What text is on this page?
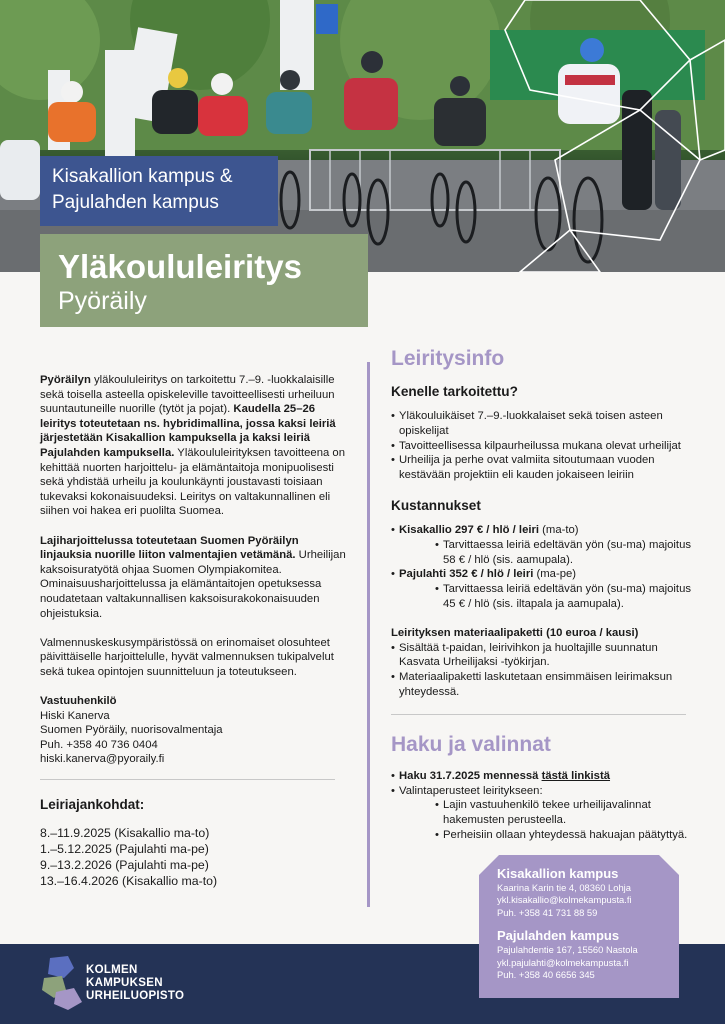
Kisakallion kampus &
Pajulahden kampus
Yläkoululeiritys
Pyöräily

Pyöräilyn yläkoululeiritys on tarkoitettu 7.–9. -luokkalaisille sekä toisella asteella opiskeleville tavoitteellisesti urheiluun suuntautuneille nuorille (tytöt ja pojat). Kaudella 25–26 leiritys toteutetaan ns. hybridimallina, jossa kaksi leiriä järjestetään Kisakallion kampuksella ja kaksi leiriä Pajulahden kampuksella. Yläkoululeirityksen tavoitteena on kehittää nuorten harjoittelu- ja elämäntaitoja monipuolisesti sekä yhdistää urheilu ja koulunkäynti joustavasti toisiaan tukevaksi kokonaisuudeksi. Leiritys on valtakunnallinen eli siihen voi hakea eri puolilta Suomea.

Lajiharjoittelussa toteutetaan Suomen Pyöräilyn linjauksia nuorille liiton valmentajien vetämänä. Urheilijan kaksoisuratyötä ohjaa Suomen Olympiakomitea. Ominaisuusharjoittelussa ja elämäntaitojen opetuksessa noudatetaan valtakunnallisen kaksoisurakokonaisuuden ohjeistuksia.

Valmennuskeskusympäristössä on erinomaiset olosuhteet päivittäiselle harjoittelulle, hyvät valmennuksen tukipalvelut sekä tukea opintojen suunnitteluun ja toteutukseen.

Vastuuhenkilö
Hiski Kanerva
Suomen Pyöräily, nuorisovalmentaja
Puh. +358 40 736 0404
hiski.kanerva@pyoraily.fi
Leiriajankohdat:
8.–11.9.2025 (Kisakallio ma-to)
1.–5.12.2025 (Pajulahti ma-pe)
9.–13.2.2026 (Pajulahti ma-pe)
13.–16.4.2026 (Kisakallio ma-to)
Leiritysinfo
Kenelle tarkoitettu?
• Yläkouluikäiset 7.–9.-luokkalaiset sekä toisen asteen opiskelijat
• Tavoitteellisessa kilpaurheilussa mukana olevat urheilijat
• Urheilija ja perhe ovat valmiita sitoutumaan vuoden kestävään projektiin eli kauden jokaiseen leiriin
Kustannukset
• Kisakallio 297 € / hlö / leiri (ma-to)
• Tarvittaessa leiriä edeltävän yön (su-ma) majoitus 58 € / hlö (sis. aamupala).
• Pajulahti 352 € / hlö / leiri (ma-pe)
• Tarvittaessa leiriä edeltävän yön (su-ma) majoitus 45 € / hlö (sis. iltapala ja aamupala).
Leirityksen materiaalipaketti (10 euroa / kausi)
• Sisältää t-paidan, leirivihkon ja huoltajille suunnatun Kasvata Urheilijaksi -työkirjan.
• Materiaalipaketti laskutetaan ensimmäisen leirimaksun yhteydessä.
Haku ja valinnat
• Haku 31.7.2025 mennessä tästä linkistä
• Valintaperusteet leiritykseen:
• Lajin vastuuhenkilö tekee urheilijavalinnat hakemusten perusteella.
• Perheisiin ollaan yhteydessä hakuajan päätyttyä.
KOLMEN
KAMPUKSEN
URHEILUOPISTO
Kisakallion kampus
Kaarina Karin tie 4, 08360 Lohja
ykl.kisakallio@kolmekampusta.fi
Puh. +358 41 731 88 59
Pajulahden kampus
Pajulahdentie 167, 15560 Nastola
ykl.pajulahti@kolmekampusta.fi
Puh. +358 40 6656 345
